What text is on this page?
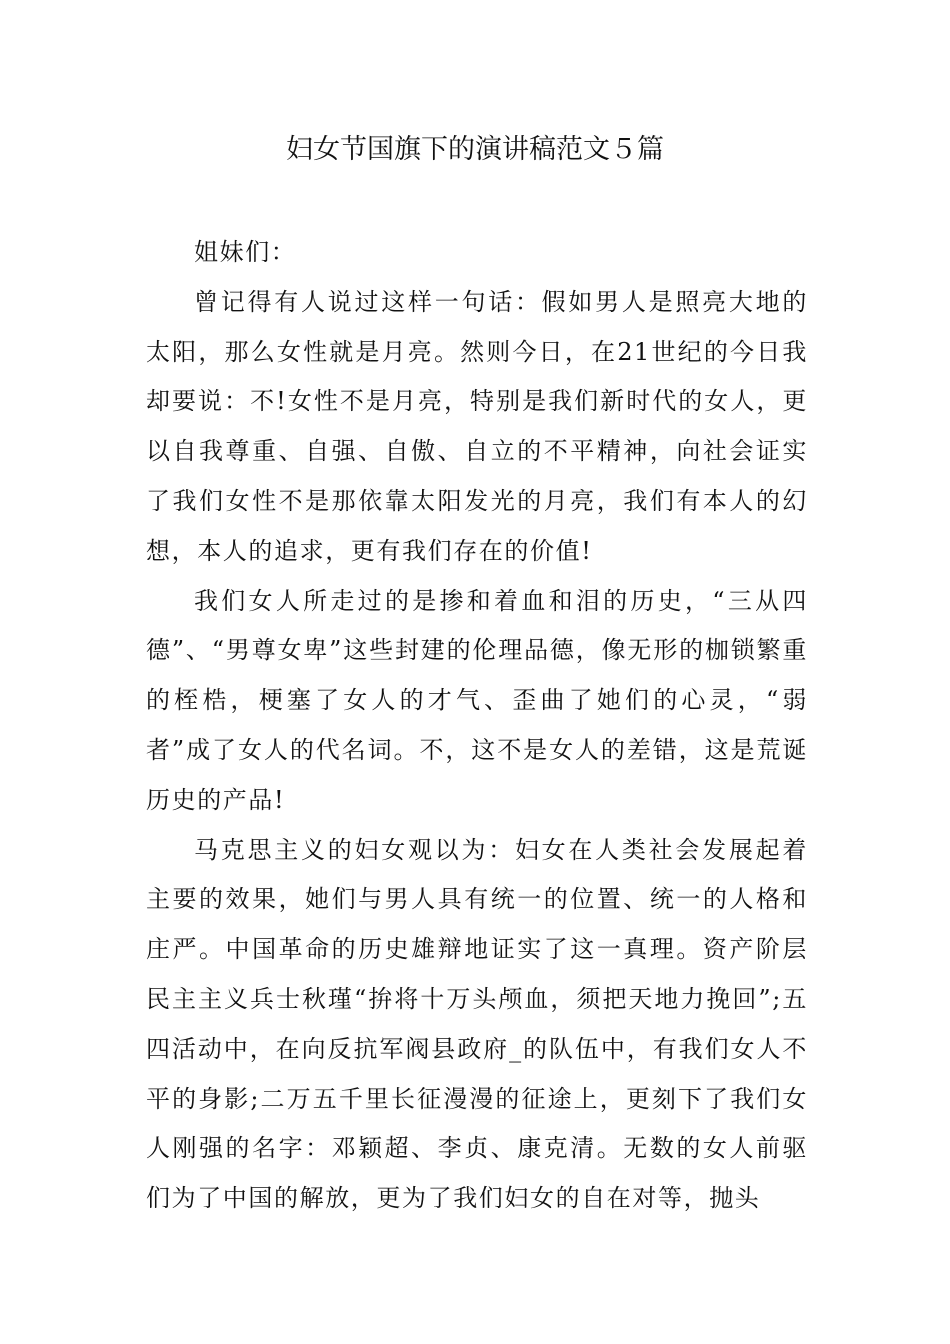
妇女节国旗下的演讲稿范文５篇

姐妹们：

曾记得有人说过这样一句话：假如男人是照亮大地的太阳，那么女性就是月亮。然则今日，在21世纪的今日我却要说：不!女性不是月亮，特别是我们新时代的女人，更以自我尊重、自强、自傲、自立的不平精神，向社会证实了我们女性不是那依靠太阳发光的月亮，我们有本人的幻想，本人的追求，更有我们存在的价值!

我们女人所走过的是掺和着血和泪的历史，“三从四德”、“男尊女卑”这些封建的伦理品德，像无形的枷锁繁重的桎梏，梗塞了女人的才气、歪曲了她们的心灵，“弱者”成了女人的代名词。不，这不是女人的差错，这是荒诞历史的产品!

马克思主义的妇女观以为：妇女在人类社会发展起着主要的效果，她们与男人具有统一的位置、统一的人格和庄严。中国革命的历史雄辩地证实了这一真理。资产阶层民主主义兵士秋瑾“拚将十万头颅血，须把天地力挽回”;五四活动中，在向反抗军阀县政府_的队伍中，有我们女人不平的身影;二万五千里长征漫漫的征途上，更刻下了我们女人刚强的名字：邓颖超、李贞、康克清。无数的女人前驱们为了中国的解放，更为了我们妇女的自在对等，抛头
